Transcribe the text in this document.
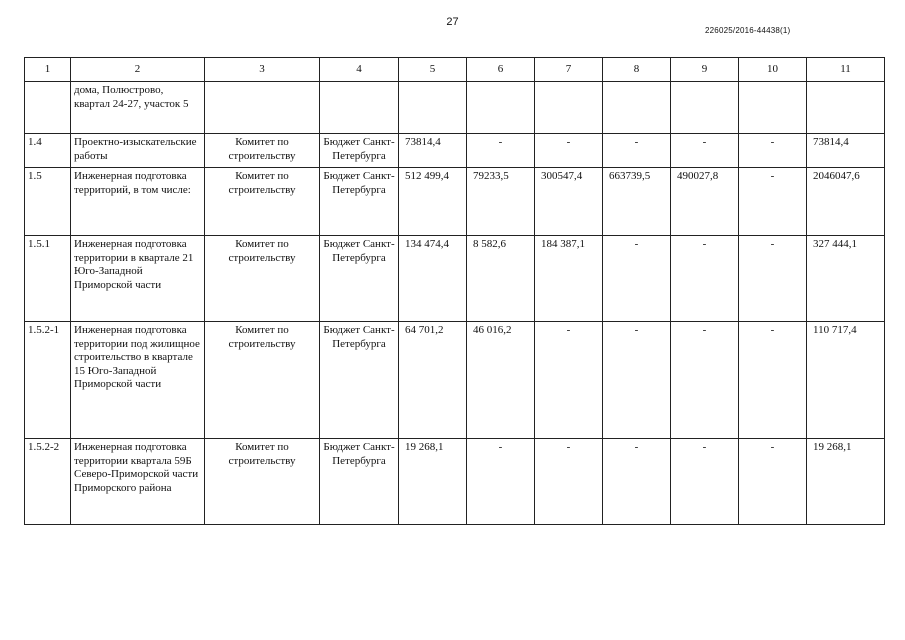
27
226025/2016-44438(1)
1	2	3	4	5	6	7	8	9	10	11
	дома, Полюстрово, квартал 24-27, участок 5									
1.4	Проектно-изыскательские работы	Комитет по строительству	Бюджет Санкт-Петербурга	73814,4	-	-	-	-	-	73814,4
1.5	Инженерная подготовка территорий, в том числе:	Комитет по строительству	Бюджет Санкт-Петербурга	512 499,4	79233,5	300547,4	663739,5	490027,8	-	2046047,6
1.5.1	Инженерная подготовка территории в квартале 21 Юго-Западной Приморской части	Комитет по строительству	Бюджет Санкт-Петербурга	134 474,4	8 582,6	184 387,1	-	-	-	327 444,1
1.5.2-1	Инженерная подготовка территории под жилищное строительство в квартале 15 Юго-Западной Приморской части	Комитет по строительству	Бюджет Санкт-Петербурга	64 701,2	46 016,2	-	-	-	-	110 717,4
1.5.2-2	Инженерная подготовка территории квартала 59Б Северо-Приморской части Приморского района	Комитет по строительству	Бюджет Санкт-Петербурга	19 268,1	-	-	-	-	-	19 268,1
